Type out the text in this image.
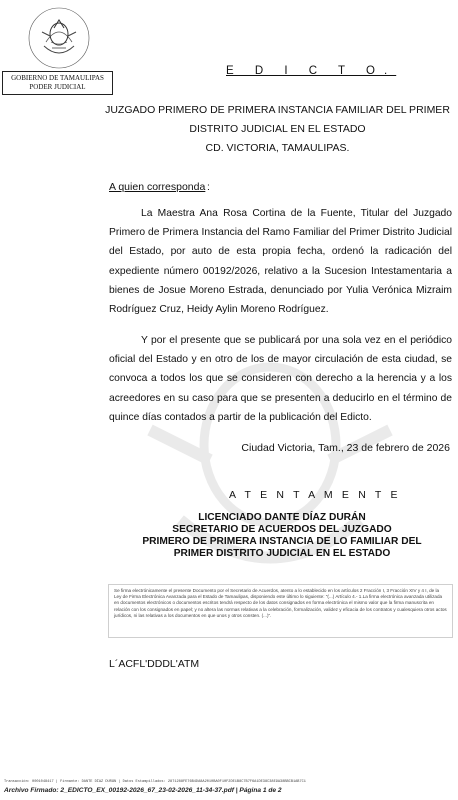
GOBIERNO DE TAMAULIPAS
PODER JUDICIAL
E D I C T O.
JUZGADO PRIMERO DE PRIMERA INSTANCIA FAMILIAR DEL PRIMER
DISTRITO JUDICIAL EN EL ESTADO
CD. VICTORIA, TAMAULIPAS.
A quien corresponda :

La Maestra Ana Rosa Cortina de la Fuente, Titular del Juzgado Primero de Primera Instancia del Ramo Familiar del Primer Distrito Judicial del Estado, por auto de esta propia fecha, ordenó la radicación del expediente número 00192/2026, relativo a la Sucesion Intestamentaria a bienes de Josue Moreno Estrada, denunciado por Yulia Verónica Mizraim Rodríguez Cruz, Heidy Aylin Moreno Rodríguez.

Y por el presente que se publicará por una sola vez en el periódico oficial del Estado y en otro de los de mayor circulación de esta ciudad, se convoca a todos los que se consideren con derecho a la herencia y a los acreedores en su caso para que se presenten a deducirlo en el término de quince días contados a partir de la publicación del Edicto.

Ciudad Victoria, Tam., 23 de febrero de 2026
A T E N T A M E N T E
LICENCIADO DANTE DÍAZ DURÁN
SECRETARIO DE ACUERDOS DEL JUZGADO
PRIMERO DE PRIMERA INSTANCIA DE LO FAMILIAR DEL
PRIMER DISTRITO JUDICIAL EN EL ESTADO
Se firma electrónicamente el presente Documento por el Secretario de Acuerdos, atento a lo establecido en los artículos 2 Fracción I, 3 Fracción XIV y 4 I, de la Ley de Firma Electrónica Avanzada para el Estado de Tamaulipas, disponiendo este último lo siguiente: "(...) Artículo 4.- 1.La firma electrónica avanzada utilizada en documentos electrónicos o documentos escritos tendrá respecto de los datos consignados en forma electrónica el mismo valor que la firma manuscrita en relación con los consignados en papel; y no altera las normas relativas a la celebración, formalización, validez y eficacia de los contratos y cualesquiera otros actos jurídicos, ni las relativas a los documentos en que unos y otros consten. (...)".
L´ACFL'DDDL'ATM
Transacción: 0001048417 | Firmante: DANTE DÍAZ DURÁN | Datos Estampillados: 2871288FE76B4DA8A2010BA0F10F2DE1B8C7B7F6A1DE38C38E9A38BBCB1AB7C1
Archivo Firmado: 2_EDICTO_EX_00192-2026_67_23-02-2026_11-34-37.pdf | Página 1 de 2
